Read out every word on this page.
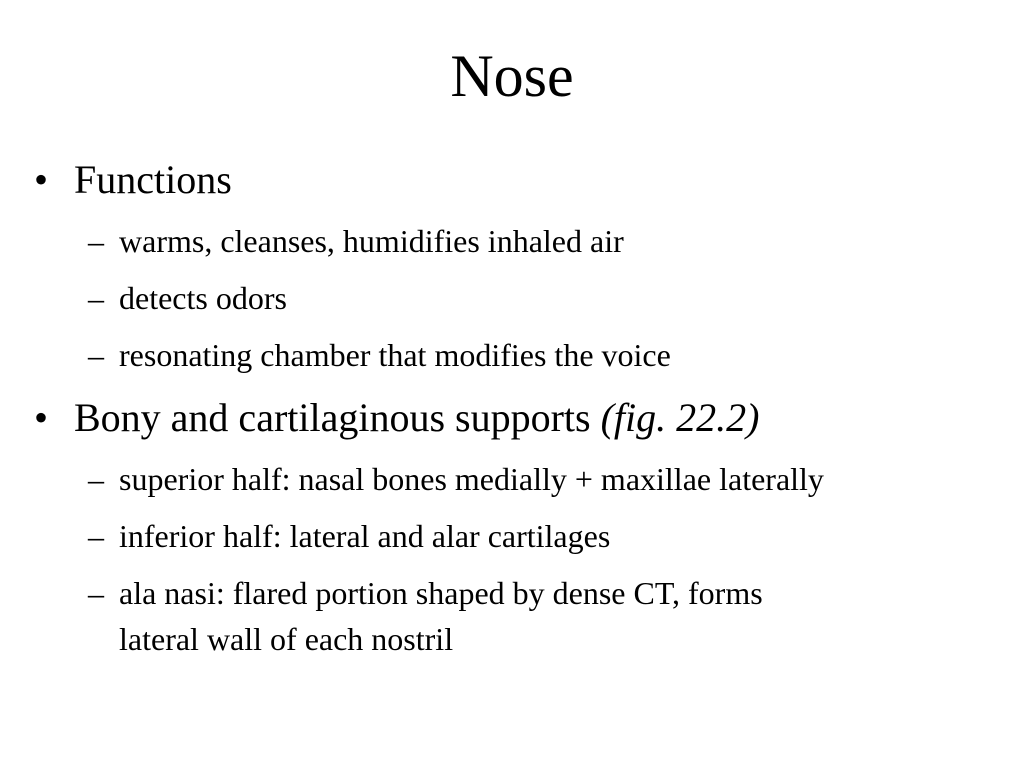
Nose
• Functions
– warms, cleanses, humidifies inhaled air
– detects odors
– resonating chamber that modifies the voice
• Bony and cartilaginous supports (fig. 22.2)
– superior half: nasal bones medially + maxillae laterally
– inferior half: lateral and alar cartilages
– ala nasi: flared portion shaped by dense CT, forms
lateral wall of each nostril
